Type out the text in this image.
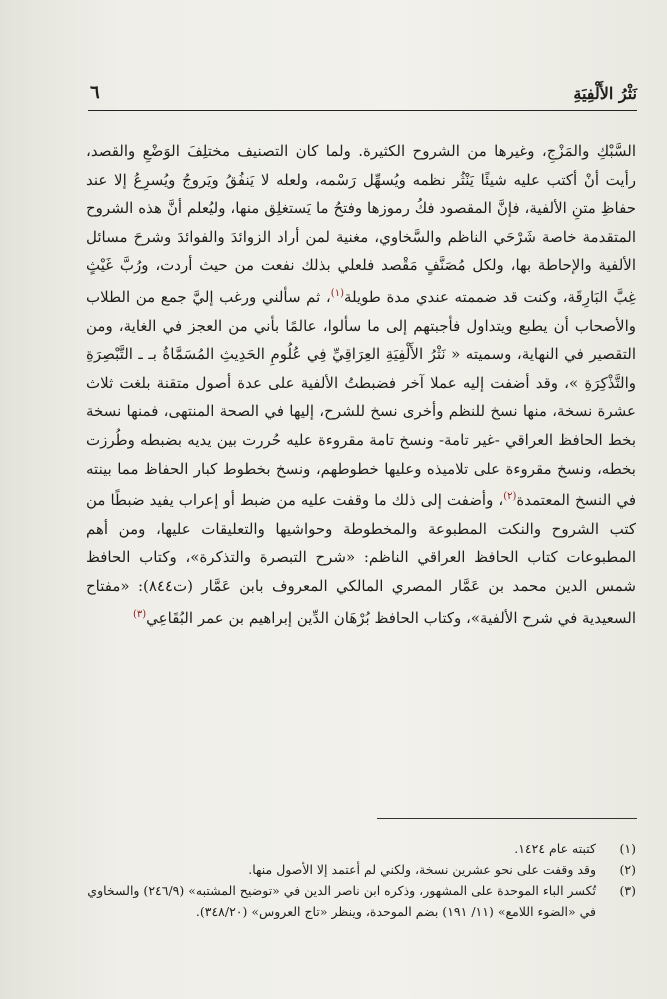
نَثْرُ الأَلْفِيَةِ
٦

السَّبْكِ والمَزْجِ، وغيرها من الشروح الكثيرة. ولما كان التصنيف مختلِفَ الوَضْعِ والقصد، رأيت أنْ أكتب عليه شيئًا يَنْثُر نظمه ويُسهِّل رَسْمه، ولعله لا يَنفُقُ ويَروجُ ويُسرِعُ إلا عند حفاظِ متنِ الألفية، فإنَّ المقصود فكُ رموزها وفتحُ ما يَستغلِق منها، وليُعلم أنَّ هذه الشروح المتقدمة خاصة شَرْحَي الناظم والسَّخاوي، مغنية لمن أراد الزوائدَ والفوائدَ وشرحَ مسائل الألفية والإحاطة بها، ولكل مُصَنَّفٍ مَقْصد فلعلي بذلك نفعت من حيث أردت، ورُبَّ غَيْثٍ غِبَّ البَارِقَة، وكنت قد ضممته عندي مدة طويلة$^{(١)}$، ثم سألني ورغب إليَّ جمع من الطلاب والأصحاب أن يطبع ويتداول فأجبتهم إلى ما سألوا، عالمًا بأني من العجز في الغاية، ومن التقصير في النهاية، وسميته « نَثْرُ الأَلْفِيَةِ العِرَاقِيِّ فِي عُلُومِ الحَدِيثِ المُسَمَّاةُ بـ ـ التَّبْصِرَةِ والتَّذْكِرَةِ »، وقد أضفت إليه عملا آخر فضبطتُ الألفية على عدة أصول متقنة بلغت ثلاث عشرة نسخة، منها نسخ للنظم وأخرى نسخ للشرح، إليها في الصحة المنتهى، فمنها نسخة بخط الحافظ العراقي -غير تامة- ونسخ تامة مقروءة عليه حُررت بين يديه بضبطه وطُرزت بخطه، ونسخ مقروءة على تلاميذه وعليها خطوطهم، ونسخ بخطوط كبار الحفاظ مما بينته في النسخ المعتمدة$^{(٢)}$، وأضفت إلى ذلك ما وقفت عليه من ضبط أو إعراب يفيد ضبطًا من كتب الشروح والنكت المطبوعة والمخطوطة وحواشيها والتعليقات عليها، ومن أهم المطبوعات كتاب الحافظ العراقي الناظم: «شرح التبصرة والتذكرة»، وكتاب الحافظ شمس الدين محمد بن عَمَّار المصري المالكي المعروف بابن عَمَّار (ت٨٤٤): «مفتاح السعيدية في شرح الألفية»، وكتاب الحافظ بُرْهَان الدِّين إبراهيم بن عمر البُقَاعِي$^{(٣)}$

(١)
كتبته عام ١٤٢٤.
(٢)
وقد وقفت على نحو عشرين نسخة، ولكني لم أعتمد إلا الأصول منها.
(٣)
تُكسر الباء الموحدة على المشهور، وذكره ابن ناصر الدين في «توضيح المشتبه» (٢٤٦/٩) والسخاوي في «الضوء اللامع» (١١/ ١٩١) بضم الموحدة، وينظر «تاج العروس» (٣٤٨/٢٠).
